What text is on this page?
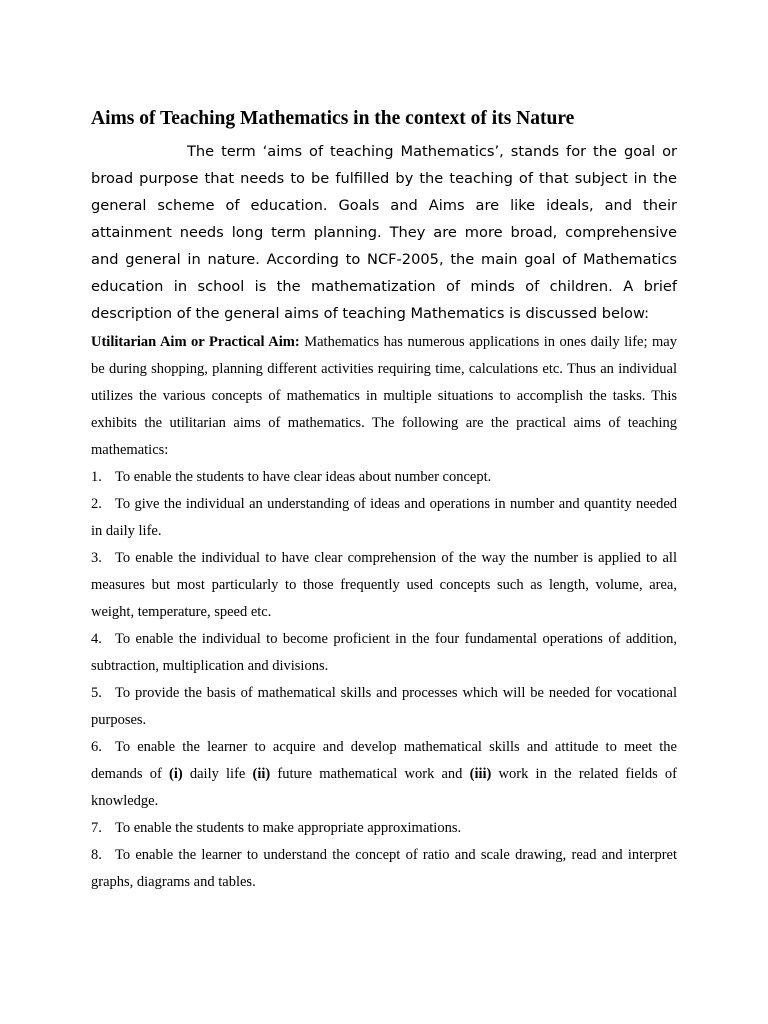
Aims of Teaching Mathematics in the context of its Nature

The term ‘aims of teaching Mathematics’, stands for the goal or broad purpose that needs to be fulfilled by the teaching of that subject in the general scheme of education. Goals and Aims are like ideals, and their attainment needs long term planning. They are more broad, comprehensive and general in nature. According to NCF-2005, the main goal of Mathematics education in school is the mathematization of minds of children. A brief description of the general aims of teaching Mathematics is discussed below:

Utilitarian Aim or Practical Aim: Mathematics has numerous applications in ones daily life; may be during shopping, planning different activities requiring time, calculations etc. Thus an individual utilizes the various concepts of mathematics in multiple situations to accomplish the tasks. This exhibits the utilitarian aims of mathematics. The following are the practical aims of teaching mathematics:

1. To enable the students to have clear ideas about number concept.

2. To give the individual an understanding of ideas and operations in number and quantity needed in daily life.

3. To enable the individual to have clear comprehension of the way the number is applied to all measures but most particularly to those frequently used concepts such as length, volume, area, weight, temperature, speed etc.

4. To enable the individual to become proficient in the four fundamental operations of addition, subtraction, multiplication and divisions.

5. To provide the basis of mathematical skills and processes which will be needed for vocational purposes.

6. To enable the learner to acquire and develop mathematical skills and attitude to meet the demands of (i) daily life (ii) future mathematical work and (iii) work in the related fields of knowledge.

7. To enable the students to make appropriate approximations.

8. To enable the learner to understand the concept of ratio and scale drawing, read and interpret graphs, diagrams and tables.
